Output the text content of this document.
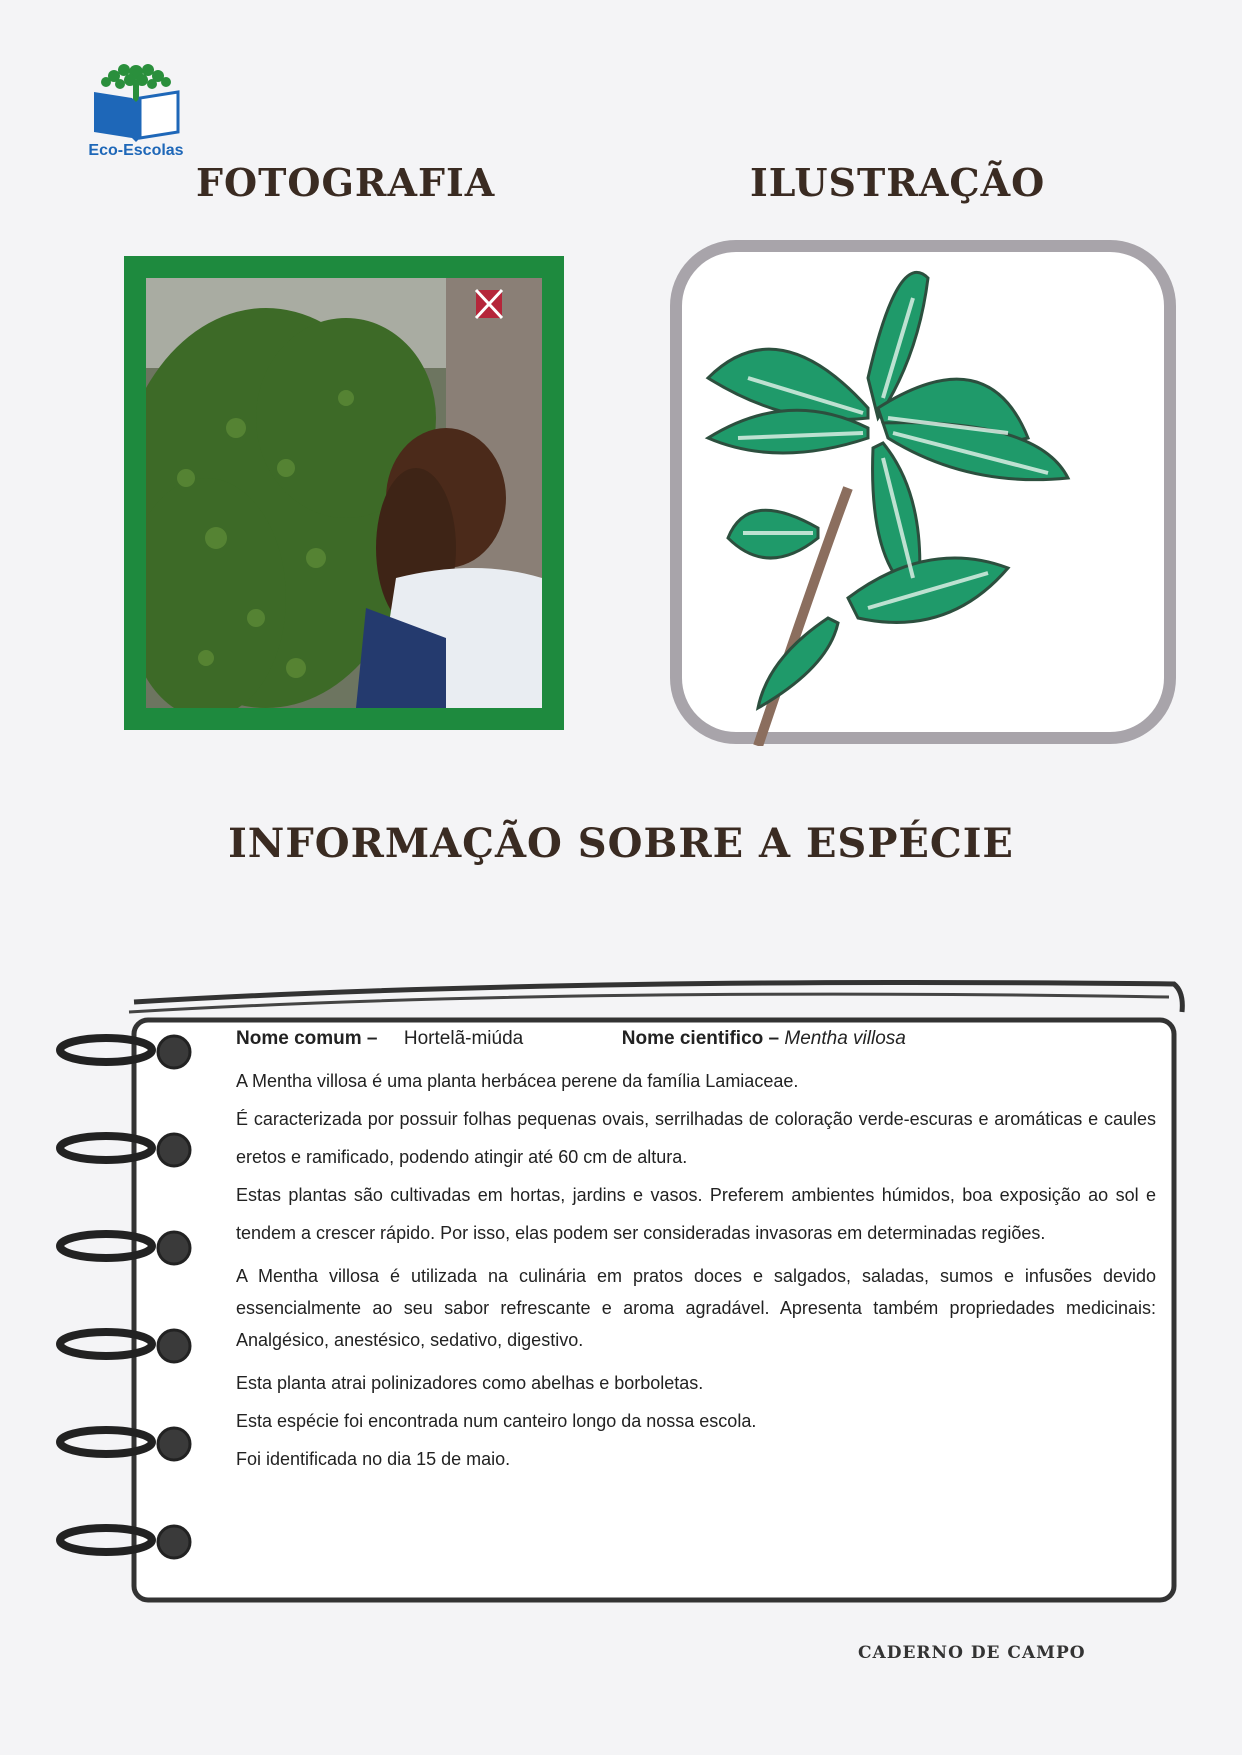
Eco-Escolas
FOTOGRAFIA	ILUSTRAÇÃO
INFORMAÇÃO SOBRE A ESPÉCIE

Nome comum – Hortelã-miúda	Nome cientifico – Mentha villosa

A Mentha villosa é uma planta herbácea perene da família Lamiaceae.

É caracterizada por possuir folhas pequenas ovais, serrilhadas de coloração verde-escuras e aromáticas e caules eretos e ramificado, podendo atingir até 60 cm de altura.

Estas plantas são cultivadas em hortas, jardins e vasos. Preferem ambientes húmidos, boa exposição ao sol e tendem a crescer rápido. Por isso, elas podem ser consideradas invasoras em determinadas regiões.

A Mentha villosa é utilizada na culinária em pratos doces e salgados, saladas, sumos e infusões devido essencialmente ao seu sabor refrescante e aroma agradável. Apresenta também propriedades medicinais: Analgésico, anestésico, sedativo, digestivo.

Esta planta atrai polinizadores como abelhas e borboletas.

Esta espécie foi encontrada num canteiro longo da nossa escola.

Foi identificada no dia 15 de maio.

CADERNO DE CAMPO
